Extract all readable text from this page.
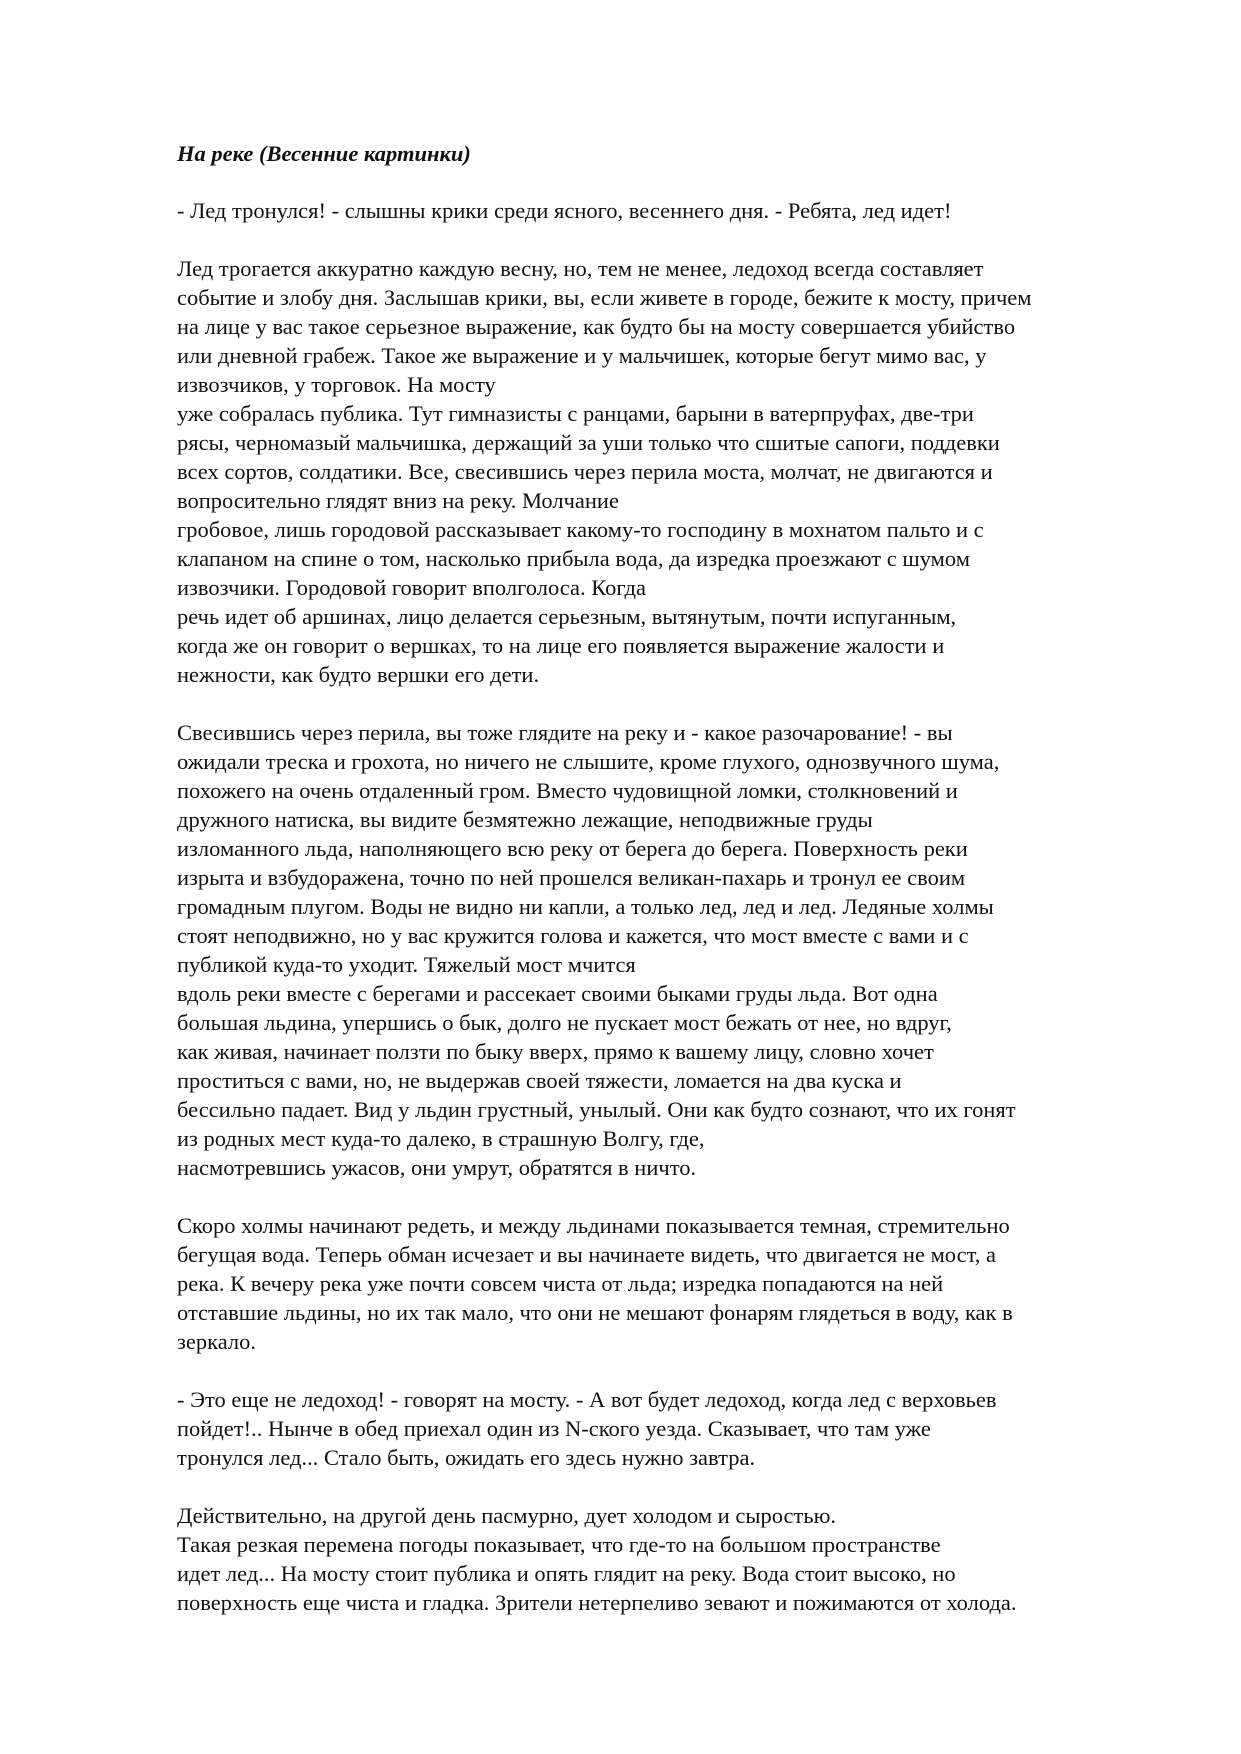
На реке (Весенние картинки)
- Лед тронулся! - слышны крики среди ясного, весеннего дня. - Ребята, лед идет!
Лед трогается аккуратно каждую весну, но, тем не менее, ледоход всегда составляет
событие и злобу дня. Заслышав крики, вы, если живете в городе, бежите к мосту, причем
на лице у вас такое серьезное выражение, как будто бы на мосту совершается убийство
или дневной грабеж. Такое же выражение и у мальчишек, которые бегут мимо вас, у
извозчиков, у торговок. На мосту
уже собралась публика. Тут гимназисты с ранцами, барыни в ватерпруфах, две-три
рясы, черномазый мальчишка, держащий за уши только что сшитые сапоги, поддевки
всех сортов, солдатики. Все, свесившись через перила моста, молчат, не двигаются и
вопросительно глядят вниз на реку. Молчание
гробовое, лишь городовой рассказывает какому-то господину в мохнатом пальто и с
клапаном на спине о том, насколько прибыла вода, да изредка проезжают с шумом
извозчики. Городовой говорит вполголоса. Когда
речь идет об аршинах, лицо делается серьезным, вытянутым, почти испуганным,
когда же он говорит о вершках, то на лице его появляется выражение жалости и
нежности, как будто вершки его дети.
Свесившись через перила, вы тоже глядите на реку и - какое разочарование! - вы
ожидали треска и грохота, но ничего не слышите, кроме глухого, однозвучного шума,
похожего на очень отдаленный гром. Вместо чудовищной ломки, столкновений и
дружного натиска, вы видите безмятежно лежащие, неподвижные груды
изломанного льда, наполняющего всю реку от берега до берега. Поверхность реки
изрыта и взбудоражена, точно по ней прошелся великан-пахарь и тронул ее своим
громадным плугом. Воды не видно ни капли, а только лед, лед и лед. Ледяные холмы
стоят неподвижно, но у вас кружится голова и кажется, что мост вместе с вами и с
публикой куда-то уходит. Тяжелый мост мчится
вдоль реки вместе с берегами и рассекает своими быками груды льда. Вот одна
большая льдина, упершись о бык, долго не пускает мост бежать от нее, но вдруг,
как живая, начинает ползти по быку вверх, прямо к вашему лицу, словно хочет
проститься с вами, но, не выдержав своей тяжести, ломается на два куска и
бессильно падает. Вид у льдин грустный, унылый. Они как будто сознают, что их гонят
из родных мест куда-то далеко, в страшную Волгу, где,
насмотревшись ужасов, они умрут, обратятся в ничто.
Скоро холмы начинают редеть, и между льдинами показывается темная, стремительно
бегущая вода. Теперь обман исчезает и вы начинаете видеть, что двигается не мост, а
река. К вечеру река уже почти совсем чиста от льда; изредка попадаются на ней
отставшие льдины, но их так мало, что они не мешают фонарям глядеться в воду, как в
зеркало.
- Это еще не ледоход! - говорят на мосту. - А вот будет ледоход, когда лед с верховьев
пойдет!.. Нынче в обед приехал один из N-ского уезда. Сказывает, что там уже
тронулся лед... Стало быть, ожидать его здесь нужно завтра.
Действительно, на другой день пасмурно, дует холодом и сыростью.
Такая резкая перемена погоды показывает, что где-то на большом пространстве
идет лед... На мосту стоит публика и опять глядит на реку. Вода стоит высоко, но
поверхность еще чиста и гладка. Зрители нетерпеливо зевают и пожимаются от холода.
